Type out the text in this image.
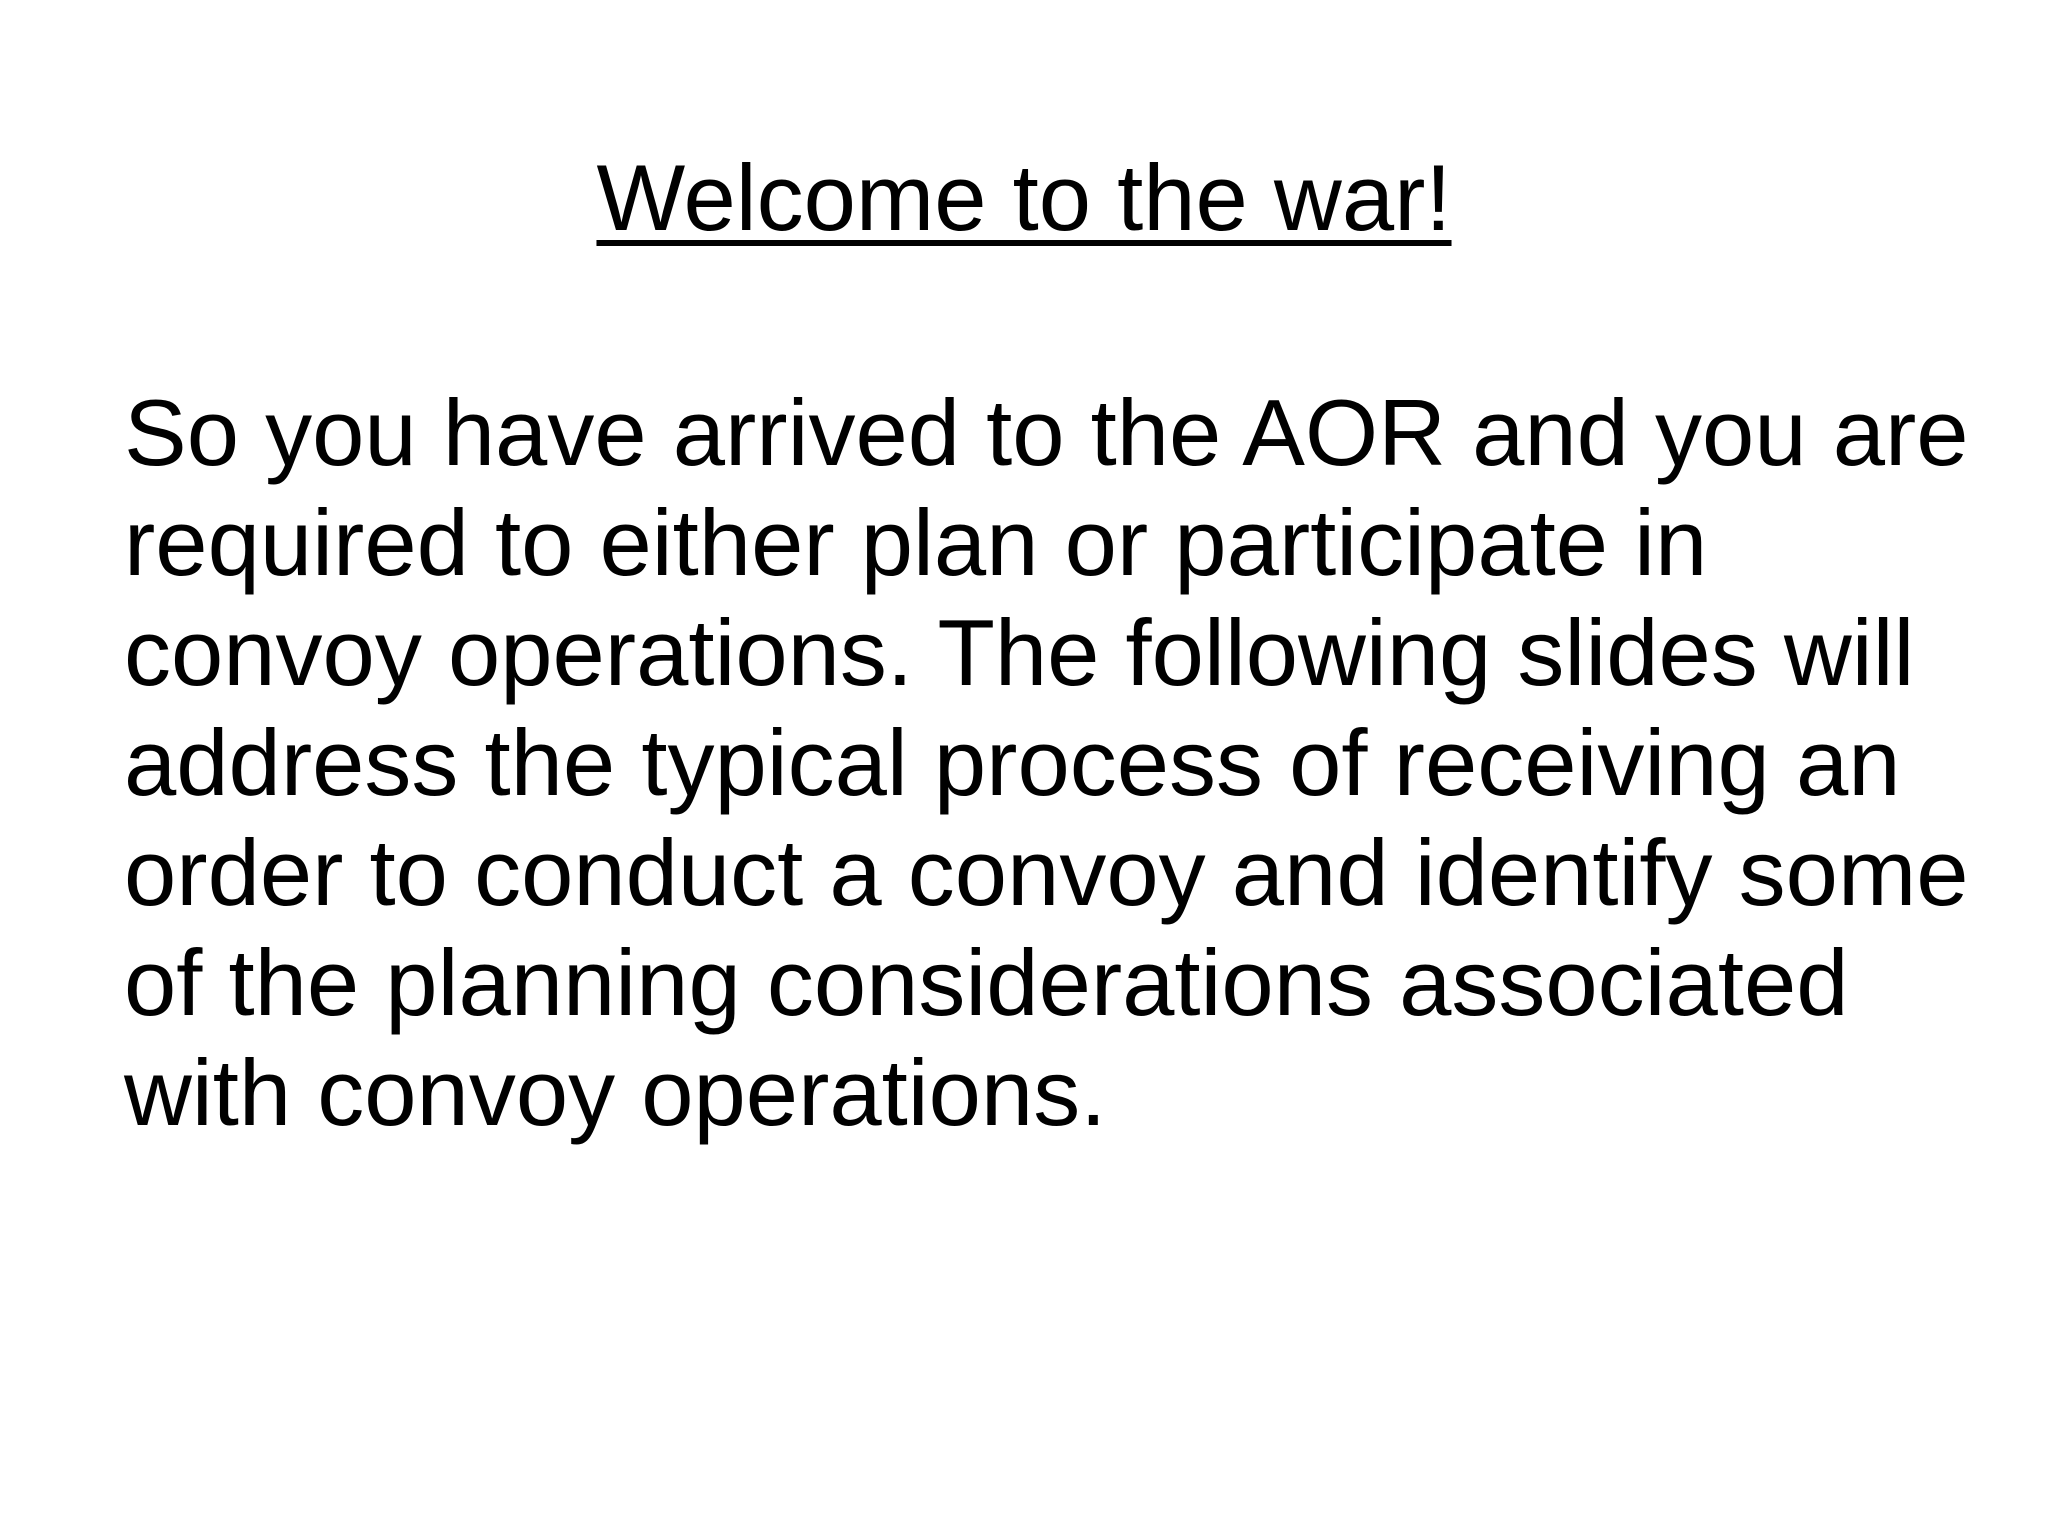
Welcome to the war!
So you have arrived to the AOR and you are
required to either plan or participate in
convoy operations. The following slides will
address the typical process of receiving an
order to conduct a convoy and identify some
of the planning considerations associated
with convoy operations.
